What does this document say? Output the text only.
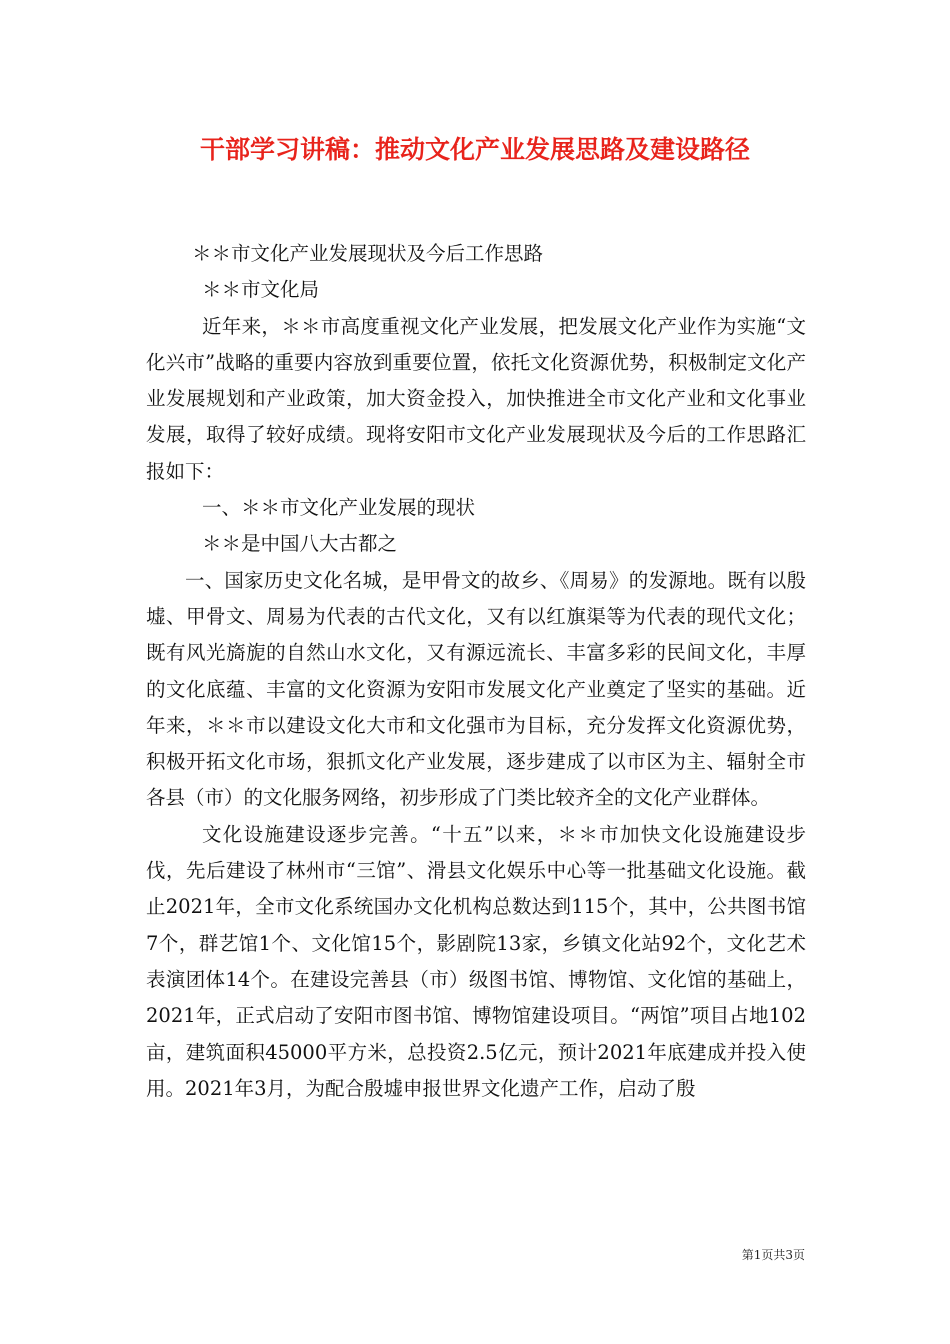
干部学习讲稿：推动文化产业发展思路及建设路径

＊＊市文化产业发展现状及今后工作思路

＊＊市文化局

近年来，＊＊市高度重视文化产业发展，把发展文化产业作为实施“文化兴市”战略的重要内容放到重要位置，依托文化资源优势，积极制定文化产业发展规划和产业政策，加大资金投入，加快推进全市文化产业和文化事业发展，取得了较好成绩。现将安阳市文化产业发展现状及今后的工作思路汇报如下：

一、＊＊市文化产业发展的现状

＊＊是中国八大古都之

一、国家历史文化名城，是甲骨文的故乡、《周易》的发源地。既有以殷墟、甲骨文、周易为代表的古代文化，又有以红旗渠等为代表的现代文化；既有风光旖旎的自然山水文化，又有源远流长、丰富多彩的民间文化，丰厚的文化底蕴、丰富的文化资源为安阳市发展文化产业奠定了坚实的基础。近年来，＊＊市以建设文化大市和文化强市为目标，充分发挥文化资源优势，积极开拓文化市场，狠抓文化产业发展，逐步建成了以市区为主、辐射全市各县（市）的文化服务网络，初步形成了门类比较齐全的文化产业群体。

文化设施建设逐步完善。“十五”以来，＊＊市加快文化设施建设步伐，先后建设了林州市“三馆”、滑县文化娱乐中心等一批基础文化设施。截止2021年，全市文化系统国办文化机构总数达到115个，其中，公共图书馆7个，群艺馆1个、文化馆15个，影剧院13家，乡镇文化站92个，文化艺术表演团体14个。在建设完善县（市）级图书馆、博物馆、文化馆的基础上，2021年，正式启动了安阳市图书馆、博物馆建设项目。“两馆”项目占地102亩，建筑面积45000平方米，总投资2.5亿元，预计2021年底建成并投入使用。2021年3月，为配合殷墟申报世界文化遗产工作，启动了殷

第1页共3页
